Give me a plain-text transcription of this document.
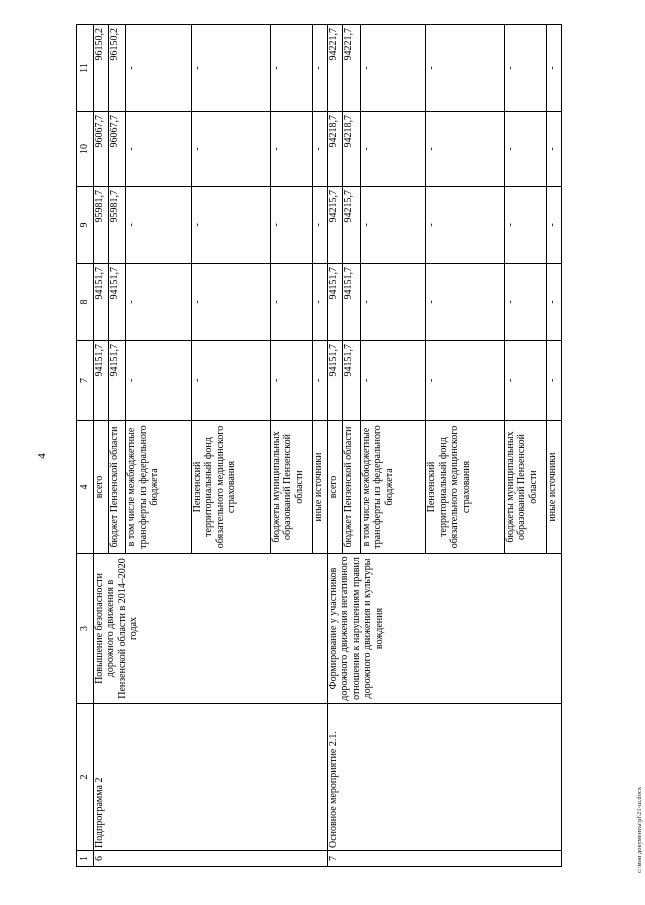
4
1	2	3	4	7	8	9	10	11
6	Подпрограмма 2	Повышение безопасности дорожного движения в Пензенской области в 2014–2020 годах	всего	94151,7	94151,7	95981,7	96067,7	96150,2
			бюджет Пензенской области	94151,7	94151,7	95981,7	96067,7	96150,2
			в том числе межбюджетные трансферты из федерального бюджета	-	-	-	-	-
			Пензенский территориальный фонд обязательного медицинского страхования	-	-	-	-	-
			бюджеты муниципальных образований Пензенской области	-	-	-	-	-
			иные источники	-	-	-	-	-
7	Основное мероприятие 2.1.	Формирование у участников дорожного движения негативного отношения к нарушениям правил дорожного движения и культуры вождения	всего	94151,7	94151,7	94215,7	94218,7	94221,7
			бюджет Пензенской области	94151,7	94151,7	94215,7	94218,7	94221,7
			в том числе межбюджетные трансферты из федерального бюджета	-	-	-	-	-
			Пензенский территориальный фонд обязательного медицинского страхования	-	-	-	-	-
			бюджеты муниципальных образований Пензенской области	-	-	-	-	-
			иные источники	-	-	-	-	-
c:\мои документы\pl\21-ш.docx
